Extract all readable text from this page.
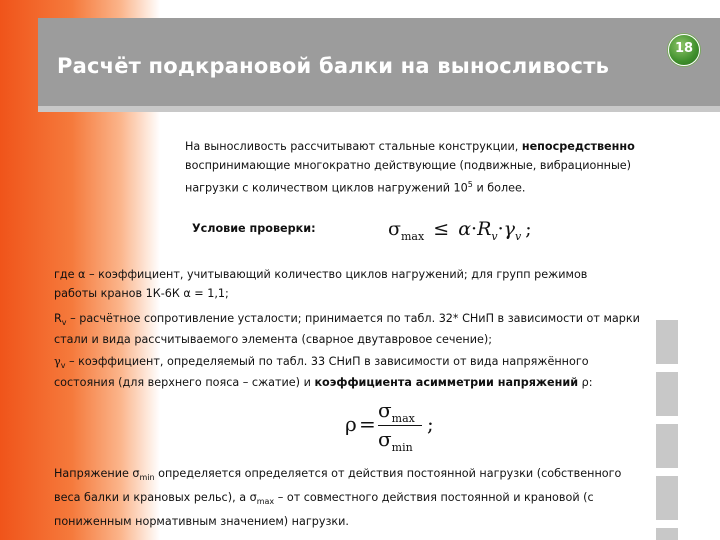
Расчёт подкрановой балки на выносливость
18

На выносливость рассчитывают стальные конструкции, непосредственно воспринимающие многократно действующие (подвижные, вибрационные) нагрузки с количеством циклов нагружений $10^5$ и более.

Условие проверки:	$\sigma_{max} \le \alpha\cdot R_v\cdot\gamma_v$ ;

где α – коэффициент, учитывающий количество циклов нагружений; для групп режимов
работы кранов 1К-6К α = 1,1;

$R_v$ – расчётное сопротивление усталости; принимается по табл. 32* СНиП в зависимости от марки стали и вида рассчитываемого элемента (сварное двутавровое сечение);

$\gamma_v$ – коэффициент, определяемый по табл. 33 СНиП в зависимости от вида напряжённого состояния (для верхнего пояса – сжатие) и коэффициента асимметрии напряжений ρ:

ρ =
$\sigma_{max}$
$\sigma_{min}$
;

Напряжение $\sigma_{min}$ определяется определяется от действия постоянной нагрузки (собственного веса балки и крановых рельс), а $\sigma_{max}$ – от совместного действия постоянной и крановой (с пониженным нормативным значением) нагрузки.
